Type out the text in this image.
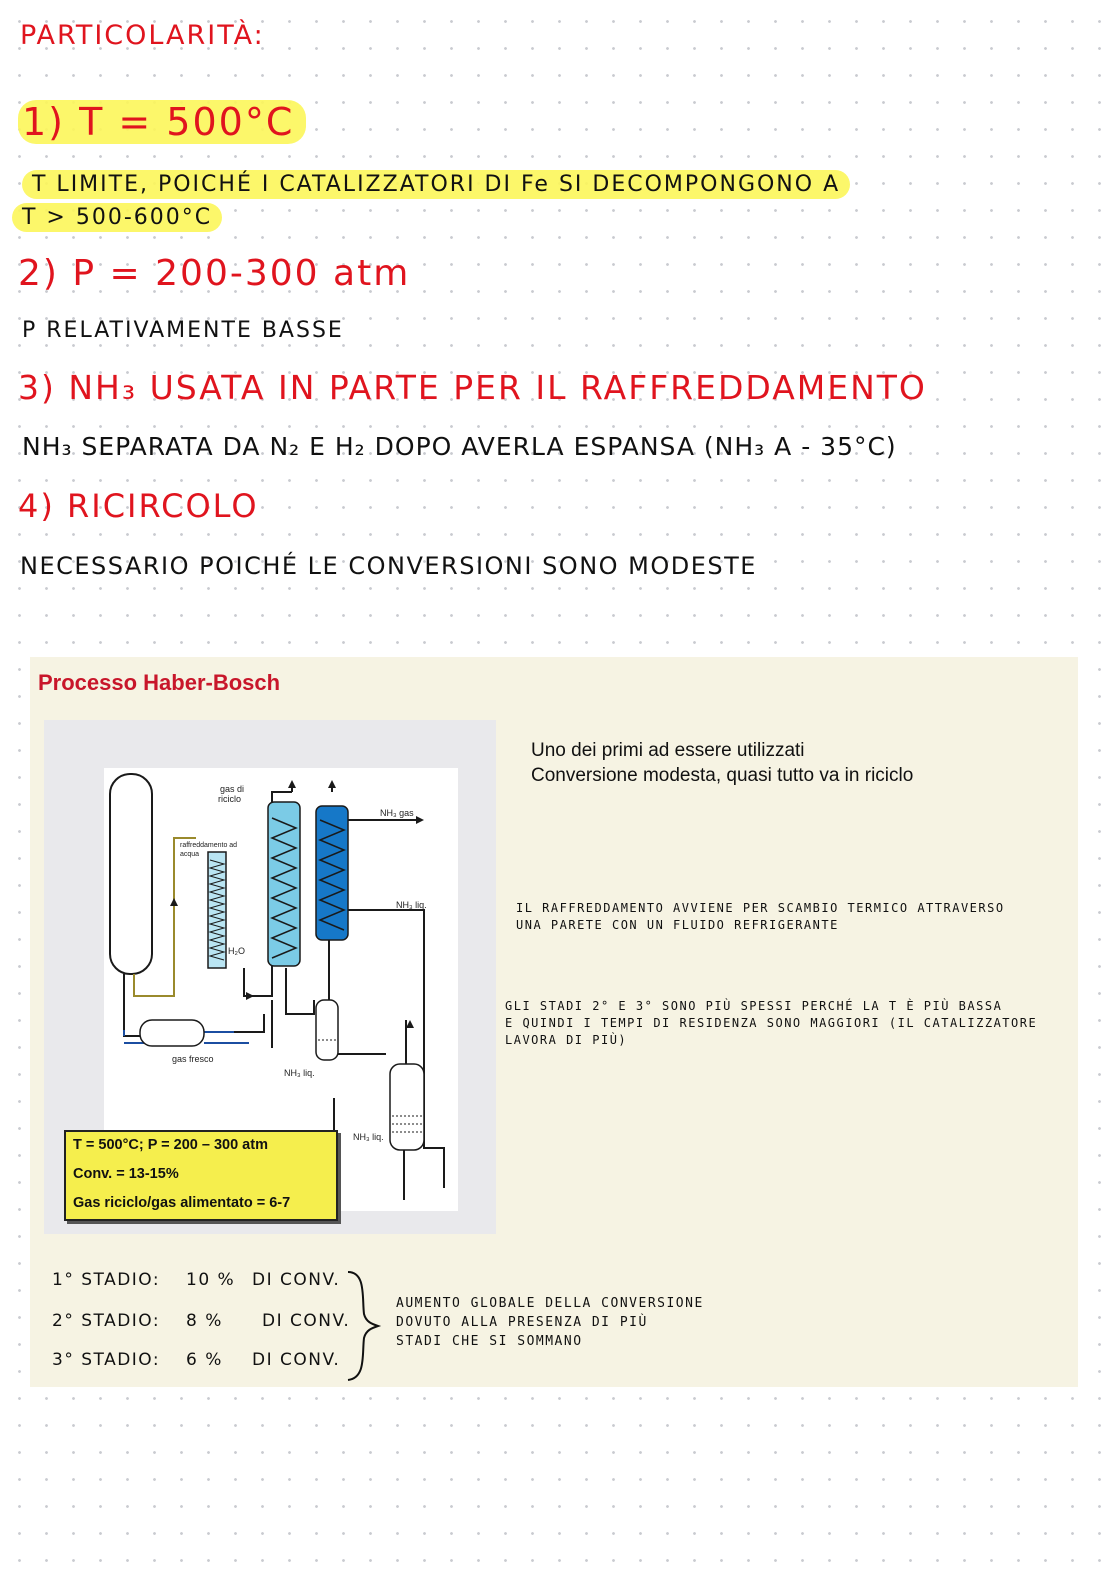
PARTICOLARITÀ:
1) T = 500°C
T LIMITE, POICHÉ I CATALIZZATORI DI Fe SI DECOMPONGONO A
T > 500-600°C
2) P = 200-300 atm
P RELATIVAMENTE BASSE
3) NH₃ USATA IN PARTE PER IL RAFFREDDAMENTO
NH₃ SEPARATA DA N₂ E H₂ DOPO AVERLA ESPANSA (NH₃ A - 35°C)
4) RICIRCOLO
NECESSARIO POICHÉ LE CONVERSIONI SONO MODESTE
Processo Haber-Bosch
gas di
riciclo
raffreddamento ad
acqua
NH₃ gas
NH₃ liq.
H₂O
gas fresco
NH₃ liq.
NH₃ liq.
T = 500°C; P = 200 – 300 atm
Conv. = 13-15%
Gas riciclo/gas alimentato = 6-7
Uno dei primi ad essere utilizzati
Conversione modesta, quasi tutto va in riciclo
IL RAFFREDDAMENTO AVVIENE PER SCAMBIO TERMICO ATTRAVERSO
UNA PARETE CON UN FLUIDO REFRIGERANTE
GLI STADI 2° E 3° SONO PIÙ SPESSI PERCHÉ LA T È PIÙ BASSA
E QUINDI I TEMPI DI RESIDENZA SONO MAGGIORI (IL CATALIZZATORE
LAVORA DI PIÙ)
1° STADIO: 10 % DI CONV.
2° STADIO: 8 % DI CONV.
3° STADIO: 6 % DI CONV.
AUMENTO GLOBALE DELLA CONVERSIONE
DOVUTO ALLA PRESENZA DI PIÙ
STADI CHE SI SOMMANO
